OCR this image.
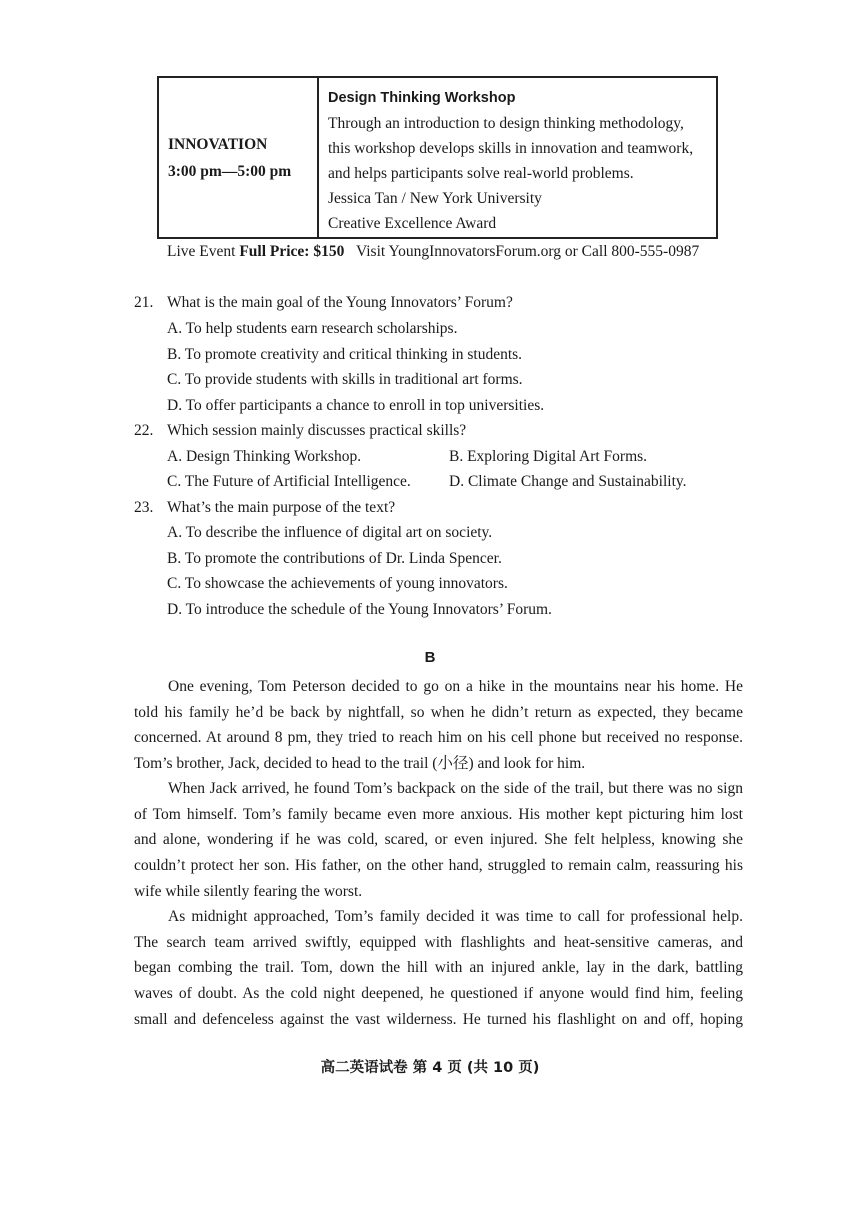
INNOVATION
3:00 pm—5:00 pm
Design Thinking Workshop
Through an introduction to design thinking methodology,
this workshop develops skills in innovation and teamwork,
and helps participants solve real-world problems.
Jessica Tan / New York University
Creative Excellence Award
Live Event Full Price: $150 Visit YoungInnovatorsForum.org or Call 800-555-0987
21. What is the main goal of the Young Innovators’ Forum?
A. To help students earn research scholarships.
B. To promote creativity and critical thinking in students.
C. To provide students with skills in traditional art forms.
D. To offer participants a chance to enroll in top universities.
22. Which session mainly discusses practical skills?
A. Design Thinking Workshop.	B. Exploring Digital Art Forms.
C. The Future of Artificial Intelligence. D. Climate Change and Sustainability.
23. What’s the main purpose of the text?
A. To describe the influence of digital art on society.
B. To promote the contributions of Dr. Linda Spencer.
C. To showcase the achievements of young innovators.
D. To introduce the schedule of the Young Innovators’ Forum.
B
One evening, Tom Peterson decided to go on a hike in the mountains near his home. He
told his family he’d be back by nightfall, so when he didn’t return as expected, they became
concerned. At around 8 pm, they tried to reach him on his cell phone but received no response.
Tom’s brother, Jack, decided to head to the trail (小径) and look for him.
When Jack arrived, he found Tom’s backpack on the side of the trail, but there was no sign
of Tom himself. Tom’s family became even more anxious. His mother kept picturing him lost
and alone, wondering if he was cold, scared, or even injured. She felt helpless, knowing she
couldn’t protect her son. His father, on the other hand, struggled to remain calm, reassuring his
wife while silently fearing the worst.
As midnight approached, Tom’s family decided it was time to call for professional help.
The search team arrived swiftly, equipped with flashlights and heat-sensitive cameras, and
began combing the trail. Tom, down the hill with an injured ankle, lay in the dark, battling
waves of doubt. As the cold night deepened, he questioned if anyone would find him, feeling
small and defenceless against the vast wilderness. He turned his flashlight on and off, hoping
高二英语试卷 第 4 页 (共 10 页)
